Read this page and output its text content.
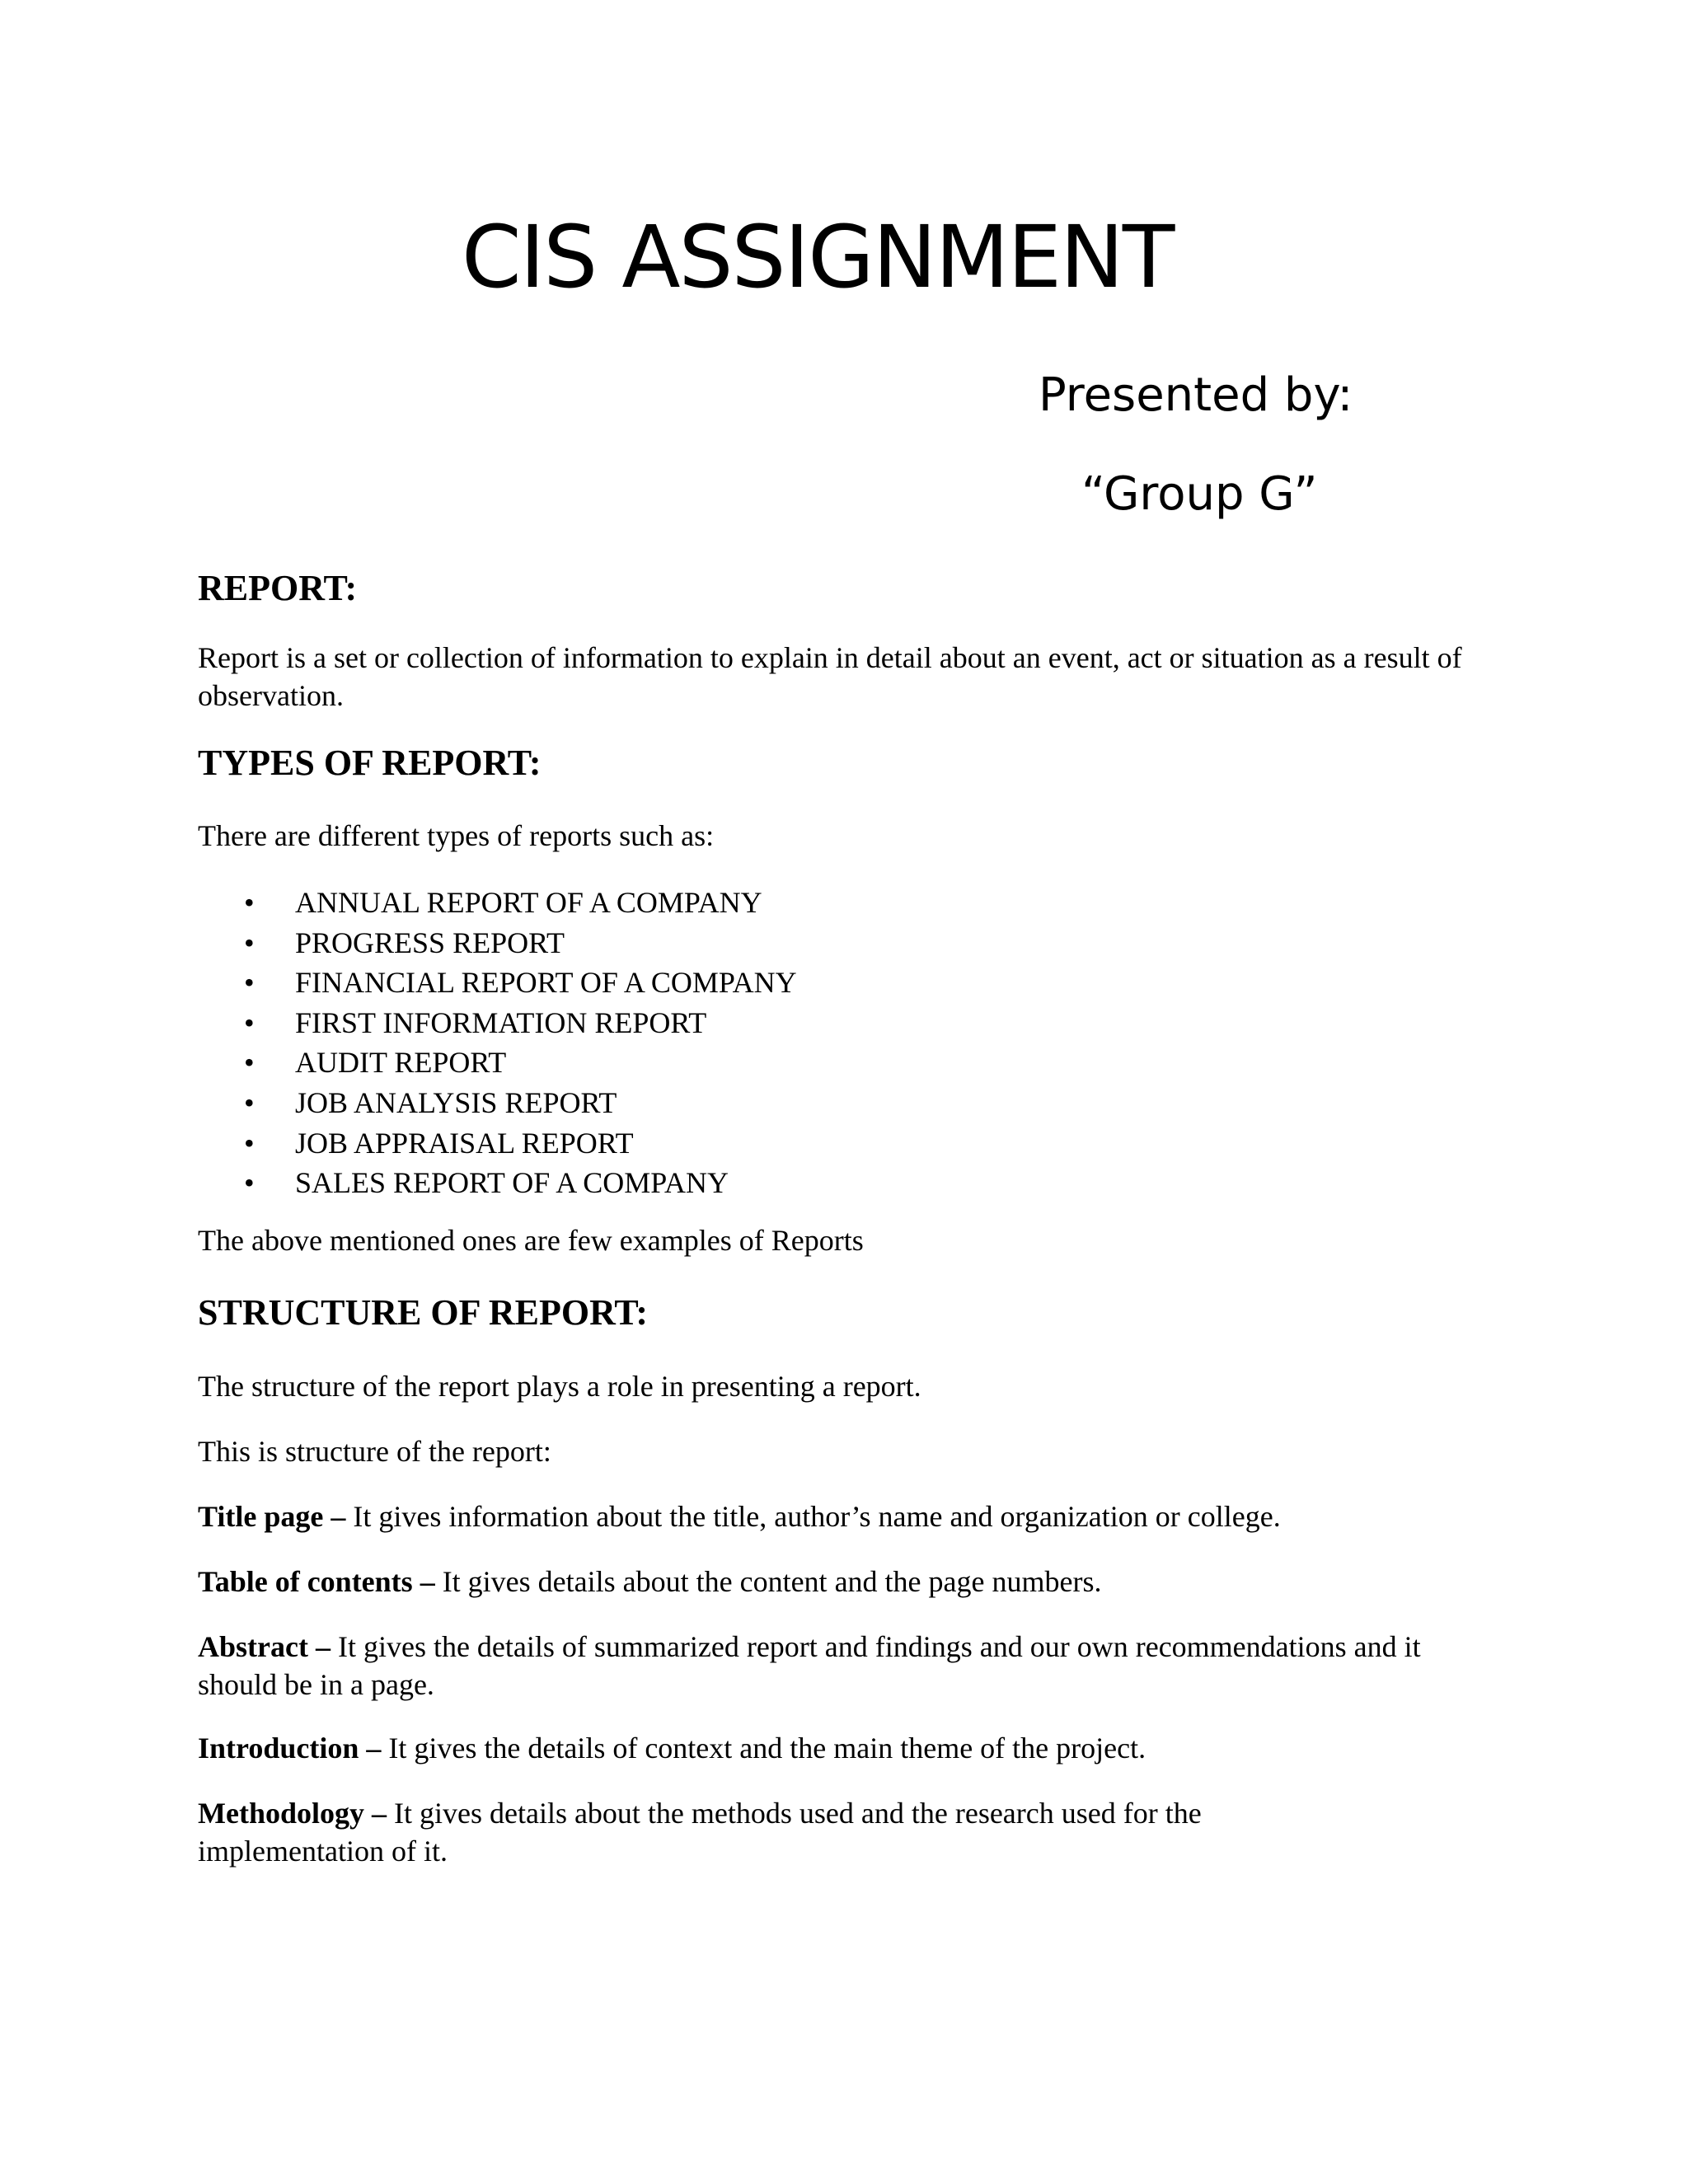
CIS ASSIGNMENT
Presented by:
“Group G”
REPORT:

Report is a set or collection of information to explain in detail about an event, act or situation as a result of observation.

TYPES OF REPORT:

There are different types of reports such as:

• ANNUAL REPORT OF A COMPANY
• PROGRESS REPORT
• FINANCIAL REPORT OF A COMPANY
• FIRST INFORMATION REPORT
• AUDIT REPORT
• JOB ANALYSIS REPORT
• JOB APPRAISAL REPORT
• SALES REPORT OF A COMPANY

The above mentioned ones are few examples of Reports

STRUCTURE OF REPORT:

The structure of the report plays a role in presenting a report.

This is structure of the report:

Title page – It gives information about the title, author’s name and organization or college.

Table of contents – It gives details about the content and the page numbers.

Abstract – It gives the details of summarized report and findings and our own recommendations and it should be in a page.

Introduction – It gives the details of context and the main theme of the project.

Methodology – It gives details about the methods used and the research used for the implementation of it.
